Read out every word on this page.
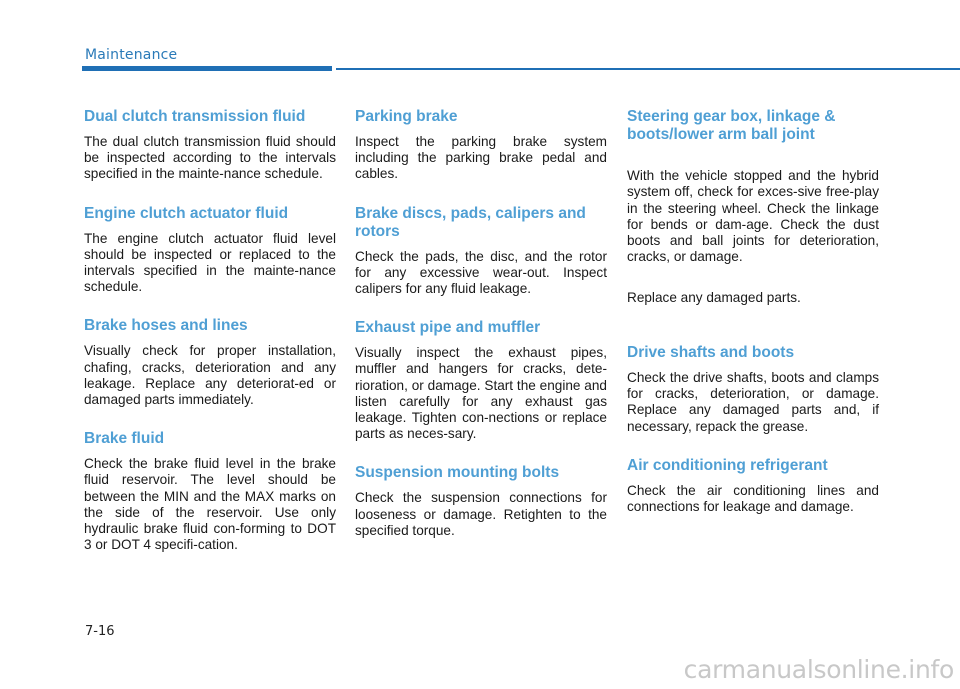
Maintenance
Dual clutch transmission fluid
The dual clutch transmission fluid should be inspected according to the intervals specified in the mainte-nance schedule.
Engine clutch actuator fluid
The engine clutch actuator fluid level should be inspected or replaced to the intervals specified in the mainte-nance schedule.
Brake hoses and lines
Visually check for proper installation, chafing, cracks, deterioration and any leakage. Replace any deteriorat-ed or damaged parts immediately.
Brake fluid
Check the brake fluid level in the brake fluid reservoir. The level should be between the MIN and the MAX marks on the side of the reservoir. Use only hydraulic brake fluid con-forming to DOT 3 or DOT 4 specifi-cation.
Parking brake
Inspect the parking brake system including the parking brake pedal and cables.
Brake discs, pads, calipers and rotors
Check the pads, the disc, and the rotor for any excessive wear-out. Inspect calipers for any fluid leakage.
Exhaust pipe and muffler
Visually inspect the exhaust pipes, muffler and hangers for cracks, dete-rioration, or damage. Start the engine and listen carefully for any exhaust gas leakage. Tighten con-nections or replace parts as neces-sary.
Suspension mounting bolts
Check the suspension connections for looseness or damage. Retighten to the specified torque.
Steering gear box, linkage & boots/lower arm ball joint

With the vehicle stopped and the hybrid system off, check for exces-sive free-play in the steering wheel. Check the linkage for bends or dam-age. Check the dust boots and ball joints for deterioration, cracks, or damage.

Replace any damaged parts.

Drive shafts and boots
Check the drive shafts, boots and clamps for cracks, deterioration, or damage. Replace any damaged parts and, if necessary, repack the grease.
Air conditioning refrigerant
Check the air conditioning lines and connections for leakage and damage.
7-16
carmanualsonline.info
